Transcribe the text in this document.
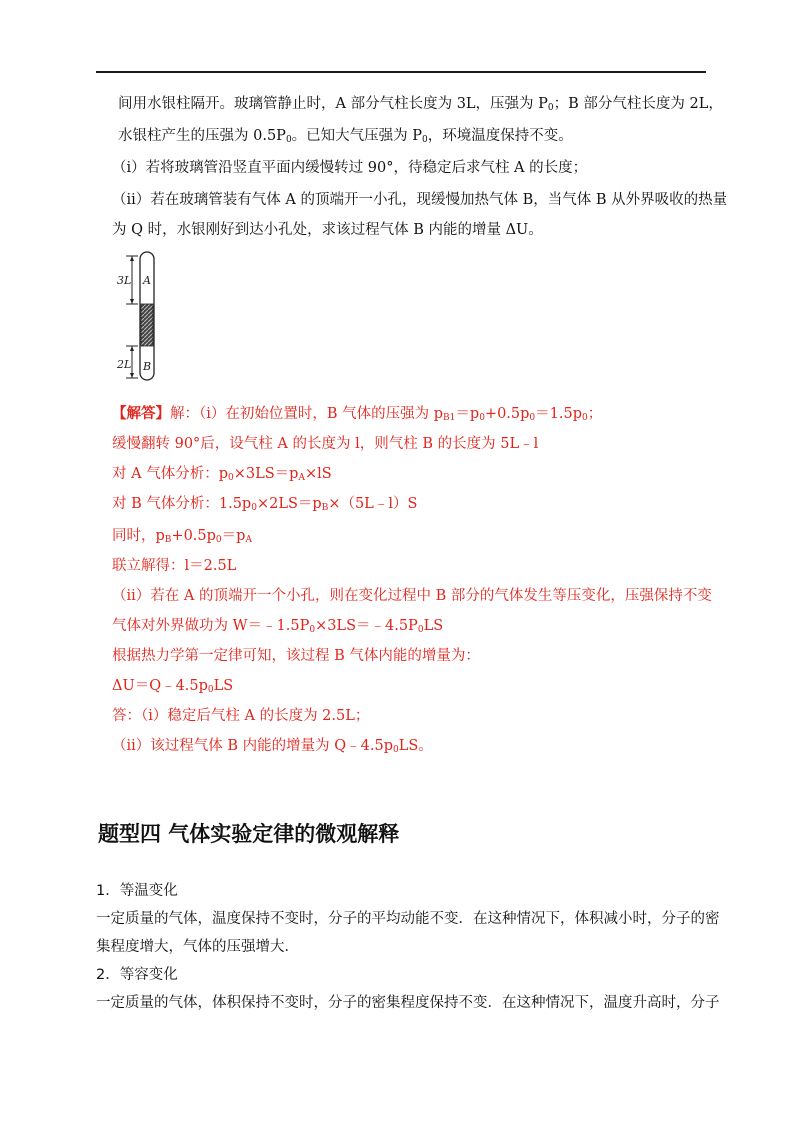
间用水银柱隔开。玻璃管静止时，A 部分气柱长度为 3L，压强为 $P_0$；B 部分气柱长度为 2L，
水银柱产生的压强为 $0.5P_0$。已知大气压强为 $P_0$，环境温度保持不变。
（i）若将玻璃管沿竖直平面内缓慢转过 90°，待稳定后求气柱 A 的长度；
（ii）若在玻璃管装有气体 A 的顶端开一小孔，现缓慢加热气体 B，当气体 B 从外界吸收的热量
为 Q 时，水银刚好到达小孔处，求该过程气体 B 内能的增量 ΔU。
3L A
2L B
【解答】解：（i）在初始位置时，B 气体的压强为 $p_{B1}=p_0+0.5p_0=1.5p_0$；
缓慢翻转 90°后，设气柱 A 的长度为 l，则气柱 B 的长度为 5L﹣l
对 A 气体分析：$p_0\times 3LS=p_A\times lS$
对 B 气体分析：$1.5p_0\times 2LS=p_B\times(5L﹣l)S$
同时，$p_B+0.5p_0=p_A$
联立解得：l＝2.5L
（ii）若在 A 的顶端开一个小孔，则在变化过程中 B 部分的气体发生等压变化，压强保持不变
气体对外界做功为 $W=﹣1.5P_0\times 3LS=﹣4.5P_0LS$
根据热力学第一定律可知，该过程 B 气体内能的增量为：
$\Delta U=Q﹣4.5p_0LS$
答：（i）稳定后气柱 A 的长度为 2.5L；
（ii）该过程气体 B 内能的增量为 $Q﹣4.5p_0LS$。
题型四 气体实验定律的微观解释
1．等温变化
一定质量的气体，温度保持不变时，分子的平均动能不变．在这种情况下，体积减小时，分子的密
集程度增大，气体的压强增大．
2．等容变化
一定质量的气体，体积保持不变时，分子的密集程度保持不变．在这种情况下，温度升高时，分子
